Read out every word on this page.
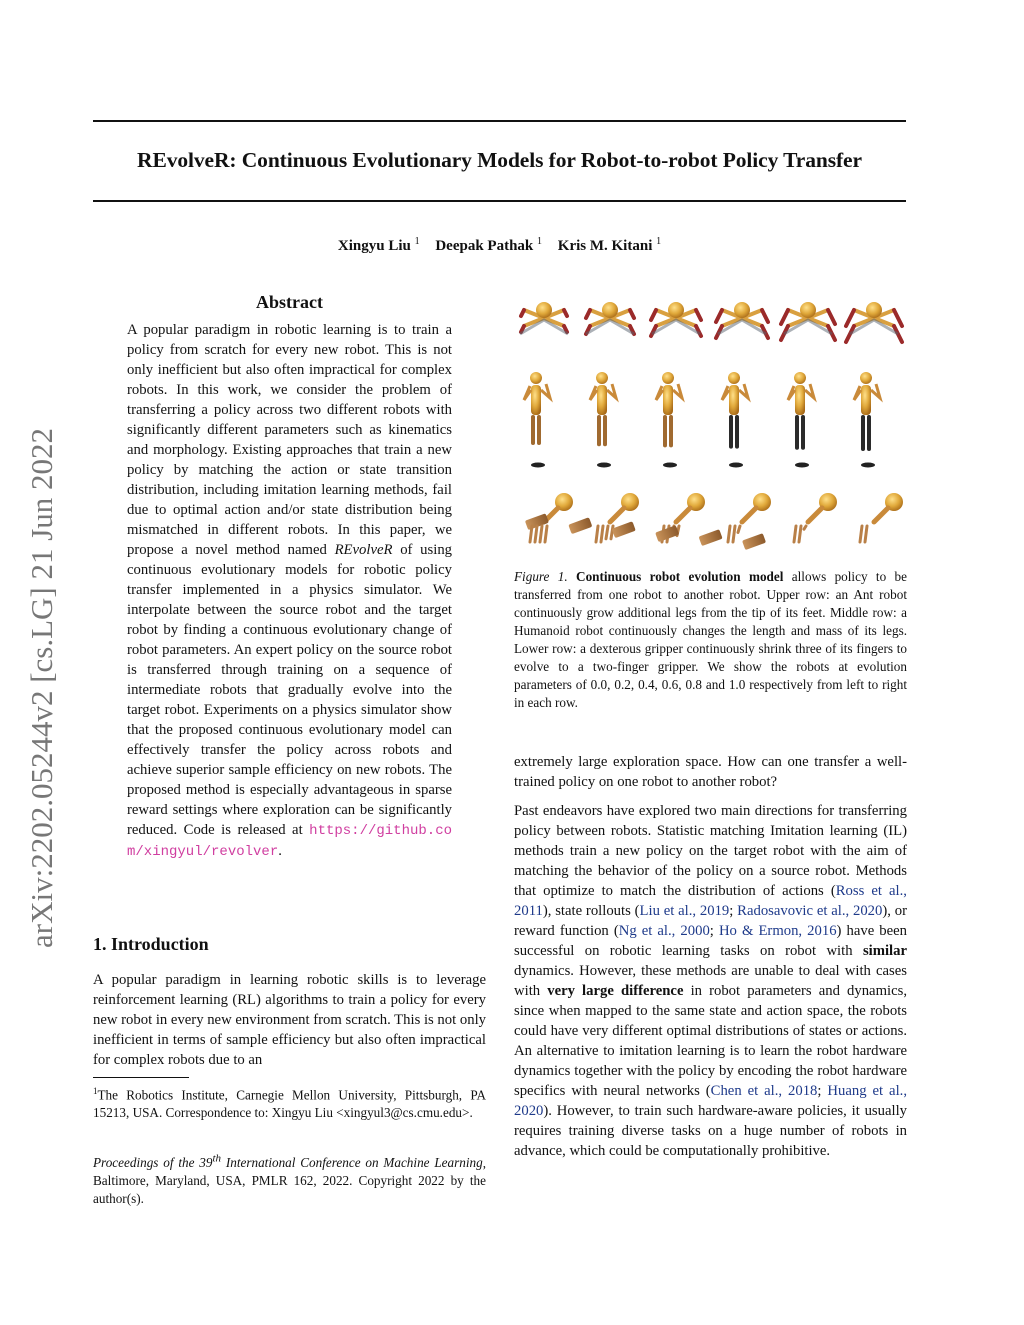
arXiv:2202.05244v2 [cs.LG] 21 Jun 2022
REvolveR: Continuous Evolutionary Models for Robot-to-robot Policy Transfer
Xingyu Liu $^1$ Deepak Pathak $^1$ Kris M. Kitani $^1$
Abstract
A popular paradigm in robotic learning is to train a policy from scratch for every new robot. This is not only inefficient but also often impractical for complex robots. In this work, we consider the problem of transferring a policy across two different robots with significantly different parameters such as kinematics and morphology. Existing approaches that train a new policy by matching the action or state transition distribution, including imitation learning methods, fail due to optimal action and/or state distribution being mismatched in different robots. In this paper, we propose a novel method named REvolveR of using continuous evolutionary models for robotic policy transfer implemented in a physics simulator. We interpolate between the source robot and the target robot by finding a continuous evolutionary change of robot parameters. An expert policy on the source robot is transferred through training on a sequence of intermediate robots that gradually evolve into the target robot. Experiments on a physics simulator show that the proposed continuous evolutionary model can effectively transfer the policy across robots and achieve superior sample efficiency on new robots. The proposed method is especially advantageous in sparse reward settings where exploration can be significantly reduced. Code is released at https://github.com/xingyul/revolver.
1. Introduction
A popular paradigm in learning robotic skills is to leverage reinforcement learning (RL) algorithms to train a policy for every new robot in every new environment from scratch. This is not only inefficient in terms of sample efficiency but also often impractical for complex robots due to an
$^1$The Robotics Institute, Carnegie Mellon University, Pittsburgh, PA 15213, USA. Correspondence to: Xingyu Liu <xingyul3@cs.cmu.edu>.
Proceedings of the 39th International Conference on Machine Learning, Baltimore, Maryland, USA, PMLR 162, 2022. Copyright 2022 by the author(s).
Figure 1. Continuous robot evolution model allows policy to be transferred from one robot to another robot. Upper row: an Ant robot continuously grow additional legs from the tip of its feet. Middle row: a Humanoid robot continuously changes the length and mass of its legs. Lower row: a dexterous gripper continuously shrink three of its fingers to evolve to a two-finger gripper. We show the robots at evolution parameters of 0.0, 0.2, 0.4, 0.6, 0.8 and 1.0 respectively from left to right in each row.
extremely large exploration space. How can one transfer a well-trained policy on one robot to another robot?
Past endeavors have explored two main directions for transferring policy between robots. Statistic matching Imitation learning (IL) methods train a new policy on the target robot with the aim of matching the behavior of the policy on a source robot. Methods that optimize to match the distribution of actions (Ross et al., 2011), state rollouts (Liu et al., 2019; Radosavovic et al., 2020), or reward function (Ng et al., 2000; Ho & Ermon, 2016) have been successful on robotic learning tasks on robot with similar dynamics. However, these methods are unable to deal with cases with very large difference in robot parameters and dynamics, since when mapped to the same state and action space, the robots could have very different optimal distributions of states or actions. An alternative to imitation learning is to learn the robot hardware dynamics together with the policy by encoding the robot hardware specifics with neural networks (Chen et al., 2018; Huang et al., 2020). However, to train such hardware-aware policies, it usually requires training diverse tasks on a huge number of robots in advance, which could be computationally prohibitive.
